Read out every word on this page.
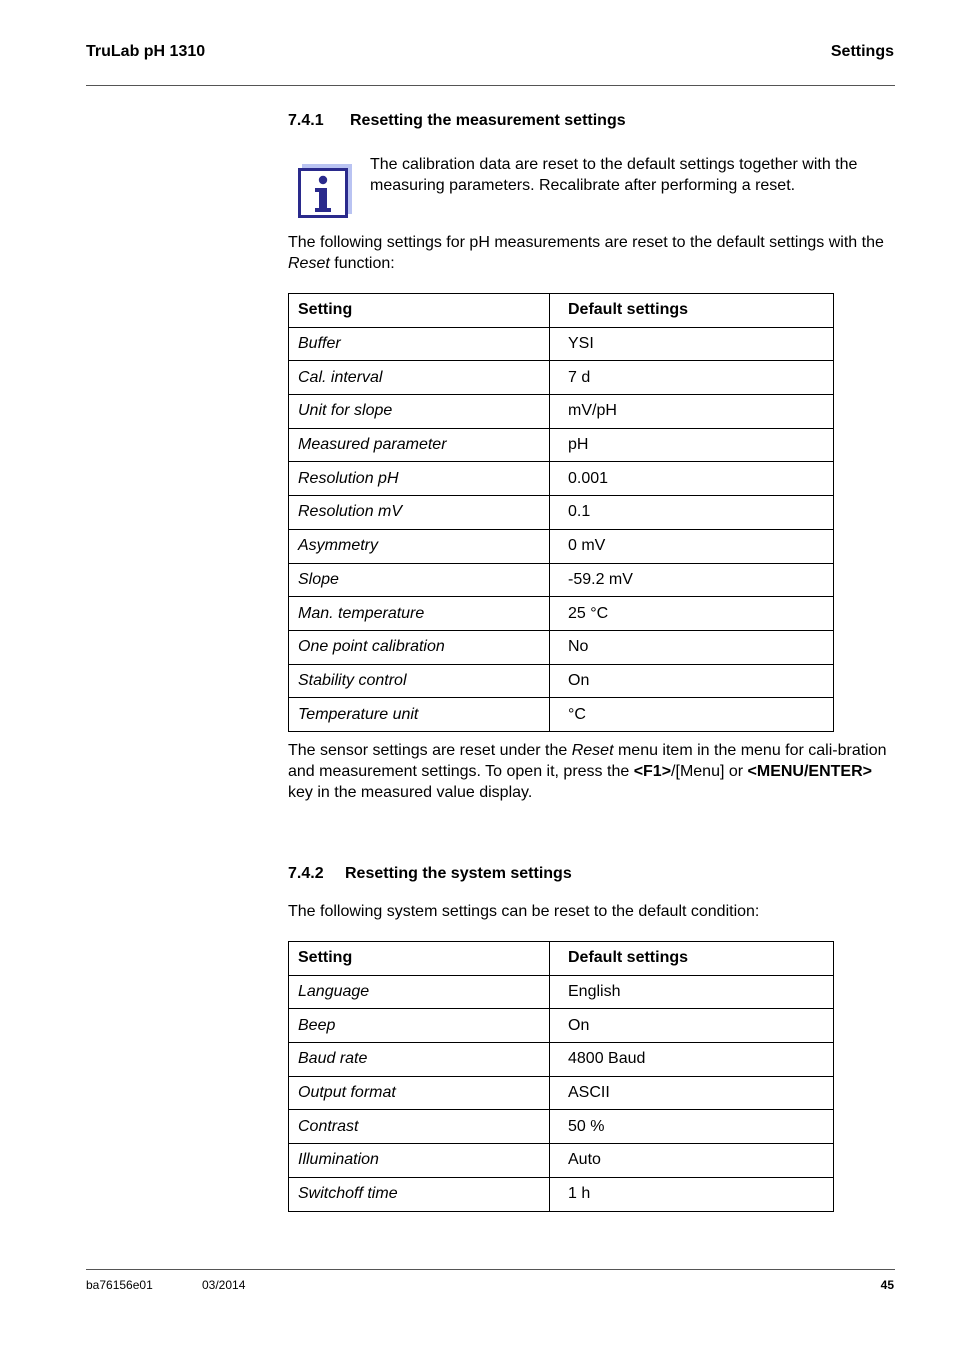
TruLab pH 1310	Settings
7.4.1 Resetting the measurement settings
The calibration data are reset to the default settings together with the measuring parameters. Recalibrate after performing a reset.
The following settings for pH measurements are reset to the default settings with the Reset function:
Setting	Default settings
Buffer	YSI
Cal. interval	7 d
Unit for slope	mV/pH
Measured parameter	pH
Resolution pH	0.001
Resolution mV	0.1
Asymmetry	0 mV
Slope	-59.2 mV
Man. temperature	25 °C
One point calibration	No
Stability control	On
Temperature unit	°C
The sensor settings are reset under the Reset menu item in the menu for cali-bration and measurement settings. To open it, press the <F1>/[Menu] or <MENU/ENTER> key in the measured value display.
7.4.2 Resetting the system settings
The following system settings can be reset to the default condition:
Setting	Default settings
Language	English
Beep	On
Baud rate	4800 Baud
Output format	ASCII
Contrast	50 %
Illumination	Auto
Switchoff time	1 h
ba76156e01	03/2014	45
